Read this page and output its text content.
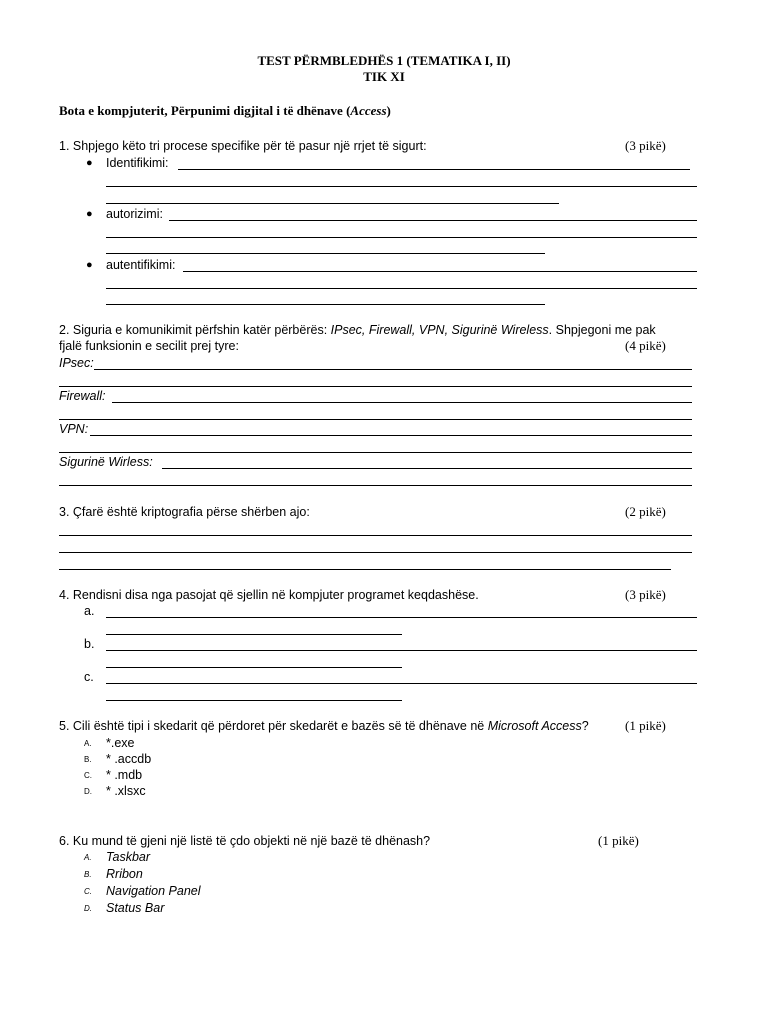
TEST PËRMBLEDHËS 1 (TEMATIKA I, II)
TIK XI
Bota e kompjuterit, Përpunimi digjital i të dhënave (Access)
1. Shpjego këto tri procese specifike për të pasur një rrjet të sigurt:	(3 pikë)
● Identifikimi:
● autorizimi:
● autentifikimi:
2. Siguria e komunikimit përfshin katër përbërës: IPsec, Firewall, VPN, Sigurinë Wireless. Shpjegoni me pak
fjalë funksionin e secilit prej tyre:	(4 pikë)
IPsec:
Firewall:
VPN:
Sigurinë Wirless:
3. Çfarë është kriptografia përse shërben ajo:	(2 pikë)
4. Rendisni disa nga pasojat që sjellin në kompjuter programet keqdashëse.	(3 pikë)
a.
b.
c.
5. Cili është tipi i skedarit që përdoret për skedarët e bazës së të dhënave në Microsoft Access?	(1 pikë)
A. *.exe
B. * .accdb
C. * .mdb
D. * .xlsxc
6. Ku mund të gjeni një listë të çdo objekti në një bazë të dhënash?	(1 pikë)
A. Taskbar
B. Rribon
C. Navigation Panel
D. Status Bar
